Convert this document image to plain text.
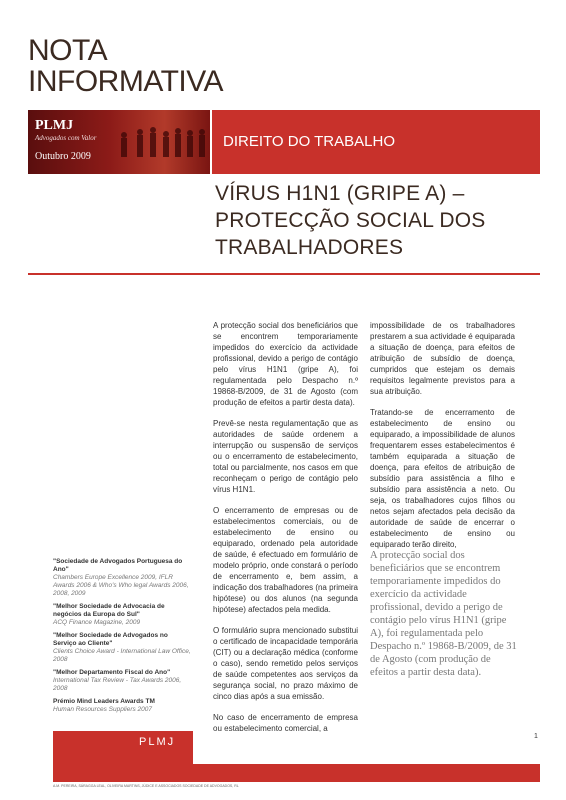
NOTA
INFORMATIVA
PLMJ
Advogados com Valor
Outubro 2009
DIREITO DO TRABALHO
VÍRUS H1N1 (GRIPE A) –
PROTECÇÃO SOCIAL DOS
TRABALHADORES

A protecção social dos beneficiários que se encontrem temporariamente impedidos do exercício da actividade profissional, devido a perigo de contágio pelo vírus H1N1 (gripe A), foi regulamentada pelo Despacho n.º 19868-B/2009, de 31 de Agosto (com produção de efeitos a partir desta data).

Prevê-se nesta regulamentação que as autoridades de saúde ordenem a interrupção ou suspensão de serviços ou o encerramento de estabelecimento, total ou parcialmente, nos casos em que reconheçam o perigo de contágio pelo vírus H1N1.

O encerramento de empresas ou de estabelecimentos comerciais, ou de estabelecimento de ensino ou equiparado, ordenado pela autoridade de saúde, é efectuado em formulário de modelo próprio, onde constará o período de encerramento e, bem assim, a indicação dos trabalhadores (na primeira hipótese) ou dos alunos (na segunda hipótese) afectados pela medida.

O formulário supra mencionado substitui o certificado de incapacidade temporária (CIT) ou a declaração médica (conforme o caso), sendo remetido pelos serviços de saúde competentes aos serviços da segurança social, no prazo máximo de cinco dias após a sua emissão.

No caso de encerramento de empresa ou estabelecimento comercial, a

impossibilidade de os trabalhadores prestarem a sua actividade é equiparada a situação de doença, para efeitos de atribuição de subsídio de doença, cumpridos que estejam os demais requisitos legalmente previstos para a sua atribuição.

Tratando-se de encerramento de estabelecimento de ensino ou equiparado, a impossibilidade de alunos frequentarem esses estabelecimentos é também equiparada a situação de doença, para efeitos de atribuição de subsídio para assistência a filho e subsídio para assistência a neto. Ou seja, os trabalhadores cujos filhos ou netos sejam afectados pela decisão da autoridade de saúde de encerrar o estabelecimento de ensino ou equiparado terão direito,

A protecção social dos beneficiários que se encontrem temporariamente impedidos do exercício da actividade profissional, devido a perigo de contágio pelo vírus H1N1 (gripe A), foi regulamentada pelo Despacho n.º 19868-B/2009, de 31 de Agosto (com produção de efeitos a partir desta data).
"Sociedade de Advogados Portuguesa do Ano"
Chambers Europe Excellence 2009, IFLR Awards 2006 & Who's Who legal Awards 2006, 2008, 2009
"Melhor Sociedade de Advocacia de negócios da Europa do Sul"
ACQ Finance Magazine, 2009
"Melhor Sociedade de Advogados no Serviço ao Cliente"
Clients Choice Award - International Law Office, 2008
"Melhor Departamento Fiscal do Ano"
International Tax Review - Tax Awards 2006, 2008
Prémio Mind Leaders Awards TM
Human Resources Suppliers 2007
1
PLMJ
A.M. PEREIRA, SÁRAGGA LEAL, OLIVEIRA MARTINS, JÚDICE E ASSOCIADOS SOCIEDADE DE ADVOGADOS, RL
